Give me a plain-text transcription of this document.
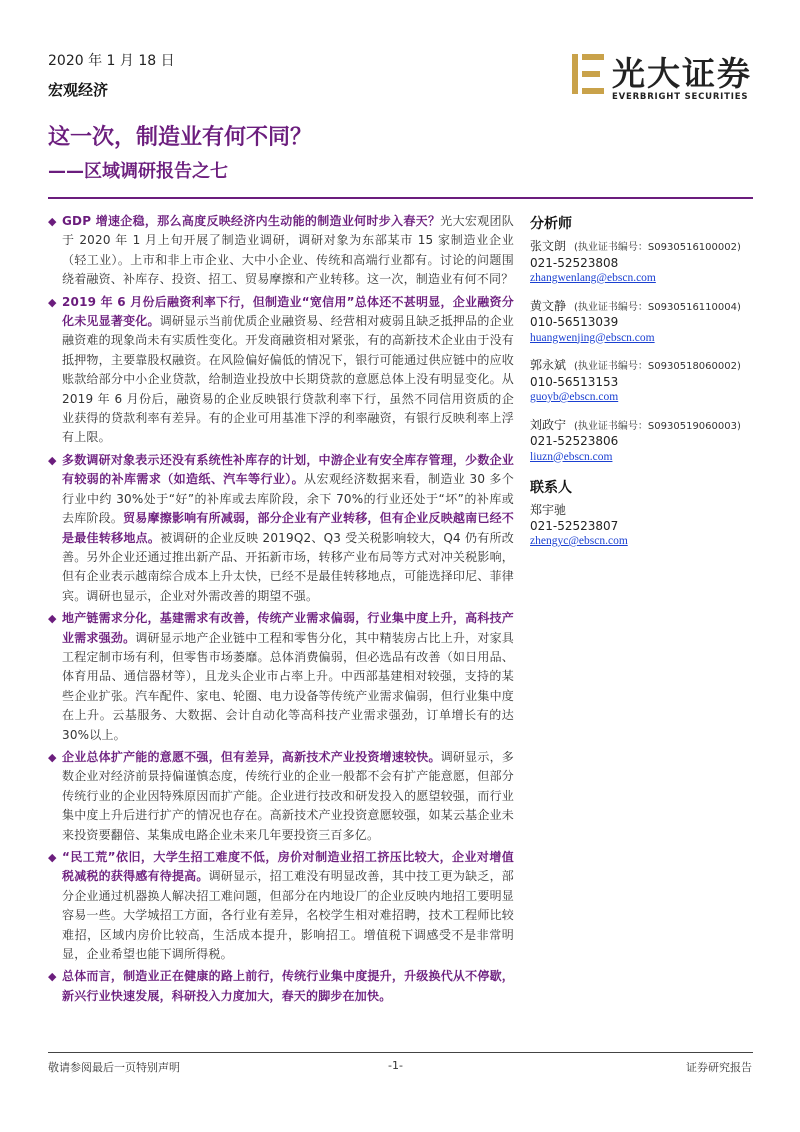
2020 年 1 月 18 日
宏观经济	光大证券
EVERBRIGHT SECURITIES
这一次，制造业有何不同？
——区域调研报告之七
◆ GDP 增速企稳，那么高度反映经济内生动能的制造业何时步入春天？光大宏观团队于 2020 年 1 月上旬开展了制造业调研，调研对象为东部某市 15 家制造业企业（轻工业）。上市和非上市企业、大中小企业、传统和高端行业都有。讨论的问题围绕着融资、补库存、投资、招工、贸易摩擦和产业转移。这一次，制造业有何不同？
◆ 2019 年 6 月份后融资利率下行，但制造业“宽信用”总体还不甚明显，企业融资分化未见显著变化。调研显示当前优质企业融资易、经营相对疲弱且缺乏抵押品的企业融资难的现象尚未有实质性变化。开发商融资相对紧张，有的高新技术企业由于没有抵押物，主要靠股权融资。在风险偏好偏低的情况下，银行可能通过供应链中的应收账款给部分中小企业贷款，给制造业投放中长期贷款的意愿总体上没有明显变化。从 2019 年 6 月份后，融资易的企业反映银行贷款利率下行，虽然不同信用资质的企业获得的贷款利率有差异。有的企业可用基准下浮的利率融资，有银行反映利率上浮有上限。
◆ 多数调研对象表示还没有系统性补库存的计划，中游企业有安全库存管理，少数企业有较弱的补库需求（如造纸、汽车等行业）。从宏观经济数据来看，制造业 30 多个行业中约 30%处于“好”的补库或去库阶段，余下 70%的行业还处于“坏”的补库或去库阶段。贸易摩擦影响有所减弱，部分企业有产业转移，但有企业反映越南已经不是最佳转移地点。被调研的企业反映 2019Q2、Q3 受关税影响较大，Q4 仍有所改善。另外企业还通过推出新产品、开拓新市场，转移产业布局等方式对冲关税影响，但有企业表示越南综合成本上升太快，已经不是最佳转移地点，可能选择印尼、菲律宾。调研也显示，企业对外需改善的期望不强。
◆ 地产链需求分化，基建需求有改善，传统产业需求偏弱，行业集中度上升，高科技产业需求强劲。调研显示地产企业链中工程和零售分化，其中精装房占比上升，对家具工程定制市场有利，但零售市场萎靡。总体消费偏弱，但必选品有改善（如日用品、体育用品、通信器材等），且龙头企业市占率上升。中西部基建相对较强，支持的某些企业扩张。汽车配件、家电、轮圈、电力设备等传统产业需求偏弱，但行业集中度在上升。云基服务、大数据、会计自动化等高科技产业需求强劲，订单增长有的达 30%以上。
◆ 企业总体扩产能的意愿不强，但有差异，高新技术产业投资增速较快。调研显示，多数企业对经济前景持偏谨慎态度，传统行业的企业一般都不会有扩产能意愿，但部分传统行业的企业因特殊原因而扩产能。企业进行技改和研发投入的愿望较强，而行业集中度上升后进行扩产的情况也存在。高新技术产业投资意愿较强，如某云基企业未来投资要翻倍、某集成电路企业未来几年要投资三百多亿。
◆ “民工荒”依旧，大学生招工难度不低，房价对制造业招工挤压比较大，企业对增值税减税的获得感有待提高。调研显示，招工难没有明显改善，其中技工更为缺乏，部分企业通过机器换人解决招工难问题，但部分在内地设厂的企业反映内地招工要明显容易一些。大学城招工方面，各行业有差异，名校学生相对难招聘，技术工程师比较难招，区域内房价比较高，生活成本提升，影响招工。增值税下调感受不是非常明显，企业希望也能下调所得税。
◆ 总体而言，制造业正在健康的路上前行，传统行业集中度提升，升级换代从不停歇，新兴行业快速发展，科研投入力度加大，春天的脚步在加快。
分析师
张文朗 (执业证书编号：S0930516100002)
021-52523808
zhangwenlang@ebscn.com
黄文静 (执业证书编号：S0930516110004)
010-56513039
huangwenjing@ebscn.com
郭永斌 (执业证书编号：S0930518060002)
010-56513153
guoyb@ebscn.com
刘政宁 (执业证书编号：S0930519060003)
021-52523806
liuzn@ebscn.com
联系人
郑宇驰
021-52523807
zhengyc@ebscn.com
敬请参阅最后一页特别声明	-1-	证券研究报告
